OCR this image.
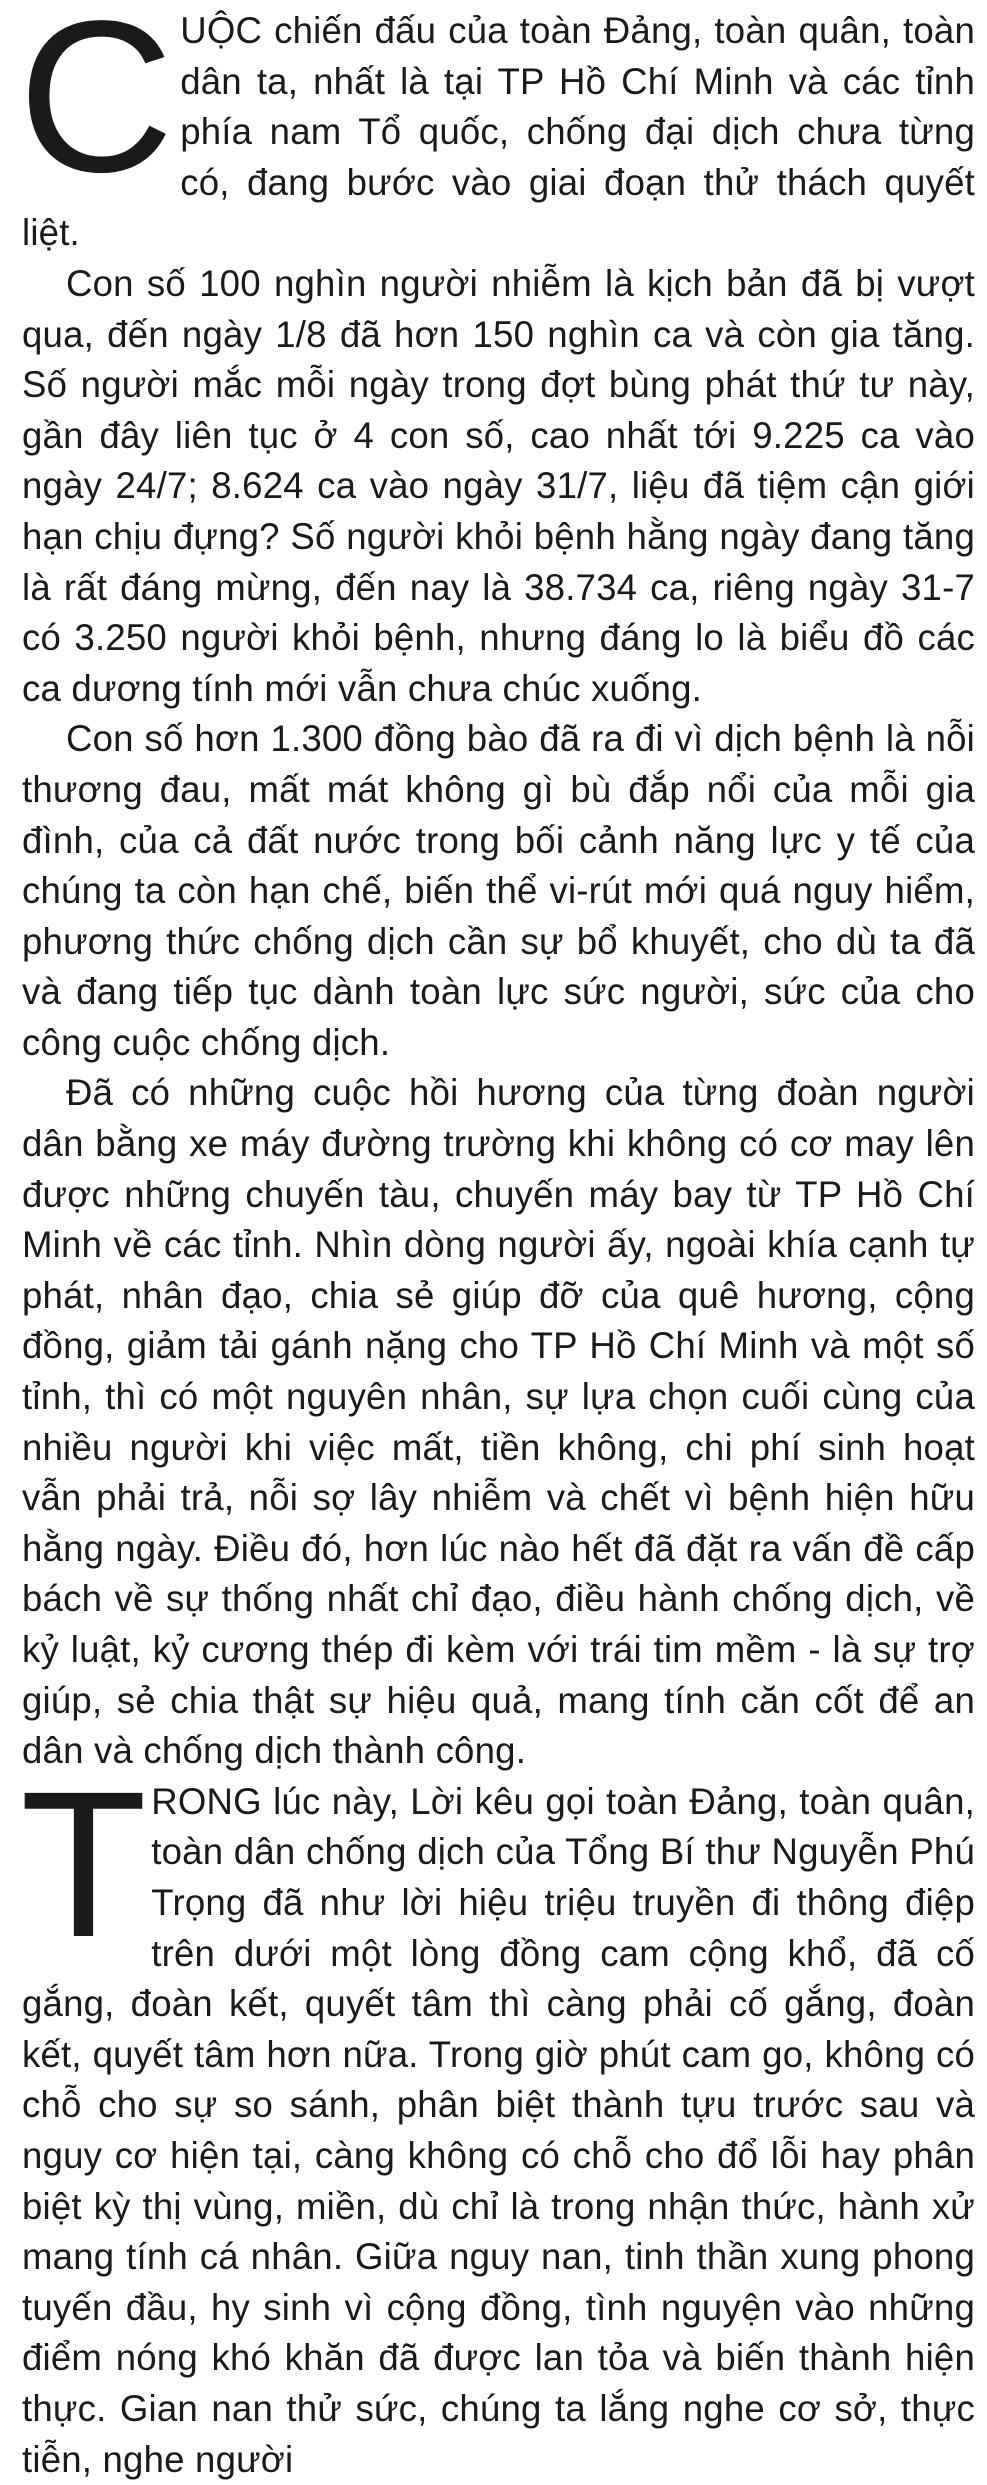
CUỘC chiến đấu của toàn Đảng, toàn quân, toàn dân ta, nhất là tại TP Hồ Chí Minh và các tỉnh phía nam Tổ quốc, chống đại dịch chưa từng có, đang bước vào giai đoạn thử thách quyết liệt.

Con số 100 nghìn người nhiễm là kịch bản đã bị vượt qua, đến ngày 1/8 đã hơn 150 nghìn ca và còn gia tăng. Số người mắc mỗi ngày trong đợt bùng phát thứ tư này, gần đây liên tục ở 4 con số, cao nhất tới 9.225 ca vào ngày 24/7; 8.624 ca vào ngày 31/7, liệu đã tiệm cận giới hạn chịu đựng? Số người khỏi bệnh hằng ngày đang tăng là rất đáng mừng, đến nay là 38.734 ca, riêng ngày 31-7 có 3.250 người khỏi bệnh, nhưng đáng lo là biểu đồ các ca dương tính mới vẫn chưa chúc xuống.

Con số hơn 1.300 đồng bào đã ra đi vì dịch bệnh là nỗi thương đau, mất mát không gì bù đắp nổi của mỗi gia đình, của cả đất nước trong bối cảnh năng lực y tế của chúng ta còn hạn chế, biến thể vi-rút mới quá nguy hiểm, phương thức chống dịch cần sự bổ khuyết, cho dù ta đã và đang tiếp tục dành toàn lực sức người, sức của cho công cuộc chống dịch.

Đã có những cuộc hồi hương của từng đoàn người dân bằng xe máy đường trường khi không có cơ may lên được những chuyến tàu, chuyến máy bay từ TP Hồ Chí Minh về các tỉnh. Nhìn dòng người ấy, ngoài khía cạnh tự phát, nhân đạo, chia sẻ giúp đỡ của quê hương, cộng đồng, giảm tải gánh nặng cho TP Hồ Chí Minh và một số tỉnh, thì có một nguyên nhân, sự lựa chọn cuối cùng của nhiều người khi việc mất, tiền không, chi phí sinh hoạt vẫn phải trả, nỗi sợ lây nhiễm và chết vì bệnh hiện hữu hằng ngày. Điều đó, hơn lúc nào hết đã đặt ra vấn đề cấp bách về sự thống nhất chỉ đạo, điều hành chống dịch, về kỷ luật, kỷ cương thép đi kèm với trái tim mềm - là sự trợ giúp, sẻ chia thật sự hiệu quả, mang tính căn cốt để an dân và chống dịch thành công.

TRONG lúc này, Lời kêu gọi toàn Đảng, toàn quân, toàn dân chống dịch của Tổng Bí thư Nguyễn Phú Trọng đã như lời hiệu triệu truyền đi thông điệp trên dưới một lòng đồng cam cộng khổ, đã cố gắng, đoàn kết, quyết tâm thì càng phải cố gắng, đoàn kết, quyết tâm hơn nữa. Trong giờ phút cam go, không có chỗ cho sự so sánh, phân biệt thành tựu trước sau và nguy cơ hiện tại, càng không có chỗ cho đổ lỗi hay phân biệt kỳ thị vùng, miền, dù chỉ là trong nhận thức, hành xử mang tính cá nhân. Giữa nguy nan, tinh thần xung phong tuyến đầu, hy sinh vì cộng đồng, tình nguyện vào những điểm nóng khó khăn đã được lan tỏa và biến thành hiện thực. Gian nan thử sức, chúng ta lắng nghe cơ sở, thực tiễn, nghe người
